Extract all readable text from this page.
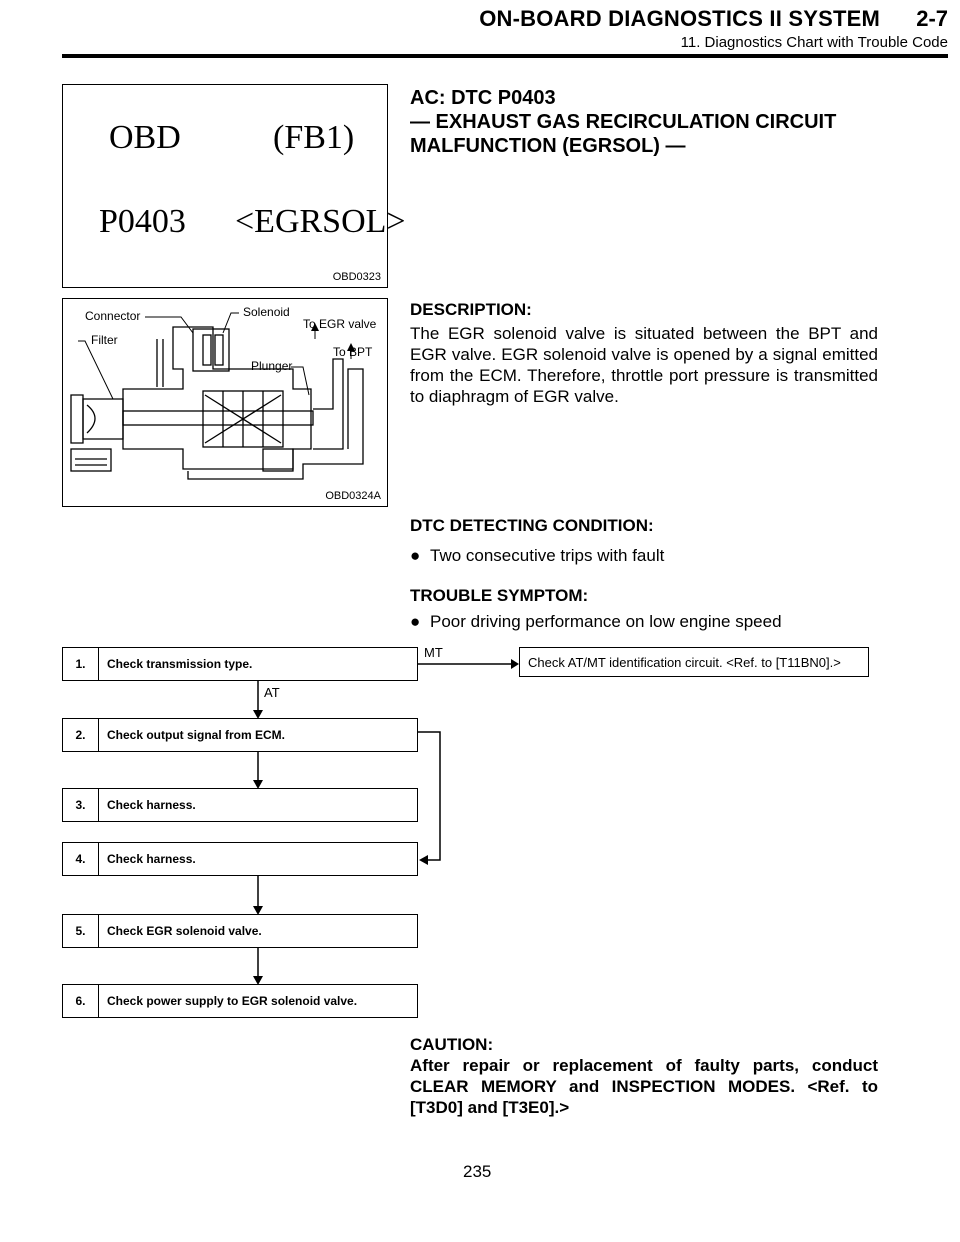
ON-BOARD DIAGNOSTICS II SYSTEM 2-7
11. Diagnostics Chart with Trouble Code
OBD	(FB1)
P0403 <EGRSOL>
OBD0323
Connector	Solenoid
To EGR valve
Filter
Plunger
To BPT
OBD0324A
AC: DTC P0403
— EXHAUST GAS RECIRCULATION CIRCUIT
MALFUNCTION (EGRSOL) —
DESCRIPTION:
The EGR solenoid valve is situated between the BPT and EGR valve. EGR solenoid valve is opened by a signal emitted from the ECM. Therefore, throttle port pressure is transmitted to diaphragm of EGR valve.
DTC DETECTING CONDITION:
● Two consecutive trips with fault
TROUBLE SYMPTOM:
● Poor driving performance on low engine speed
1.	Check transmission type.
2.	Check output signal from ECM.
3.	Check harness.
4.	Check harness.
5.	Check EGR solenoid valve.
6.	Check power supply to EGR solenoid valve.
MT
AT
Check AT/MT identification circuit. <Ref. to [T11BN0].>
CAUTION:
After repair or replacement of faulty parts, conduct CLEAR MEMORY and INSPECTION MODES. <Ref. to [T3D0] and [T3E0].>
235
